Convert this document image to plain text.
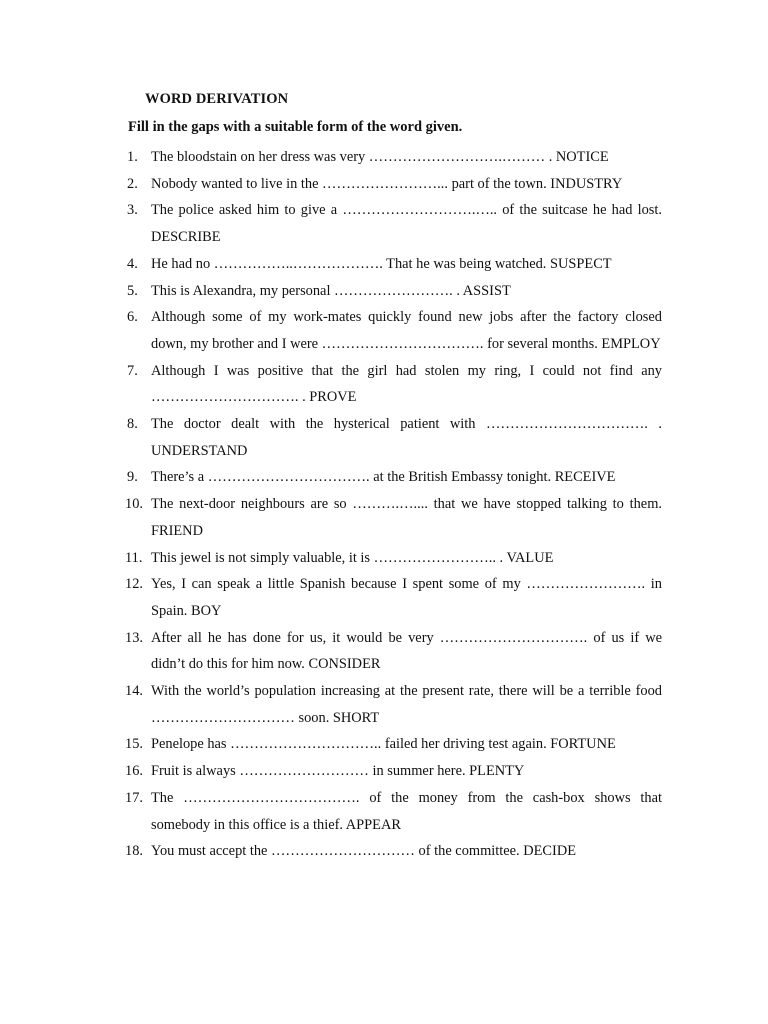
WORD DERIVATION
Fill in the gaps with a suitable form of the word given.
1. The bloodstain on her dress was very ……………………….……… . NOTICE
2. Nobody wanted to live in the ……………………... part of the town. INDUSTRY
3. The police asked him to give a ……………………….….. of the suitcase he had lost. DESCRIBE
4. He had no ……………..………………. That he was being watched. SUSPECT
5. This is Alexandra, my personal ……………………. . ASSIST
6. Although some of my work-mates quickly found new jobs after the factory closed down, my brother and I were ……………………………. for several months. EMPLOY
7. Although I was positive that the girl had stolen my ring, I could not find any …………………………. . PROVE
8. The doctor dealt with the hysterical patient with ……………………………. . UNDERSTAND
9. There’s a ……………………………. at the British Embassy tonight. RECEIVE
10. The next-door neighbours are so ……….….... that we have stopped talking to them. FRIEND
11. This jewel is not simply valuable, it is …………………….. . VALUE
12. Yes, I can speak a little Spanish because I spent some of my ……………………. in Spain. BOY
13. After all he has done for us, it would be very …………………………. of us if we didn’t do this for him now. CONSIDER
14. With the world’s population increasing at the present rate, there will be a terrible food ………………………… soon. SHORT
15. Penelope has ………………………….. failed her driving test again. FORTUNE
16. Fruit is always ……………………… in summer here. PLENTY
17. The ………………………………. of the money from the cash-box shows that somebody in this office is a thief. APPEAR
18. You must accept the ………………………… of the committee. DECIDE
